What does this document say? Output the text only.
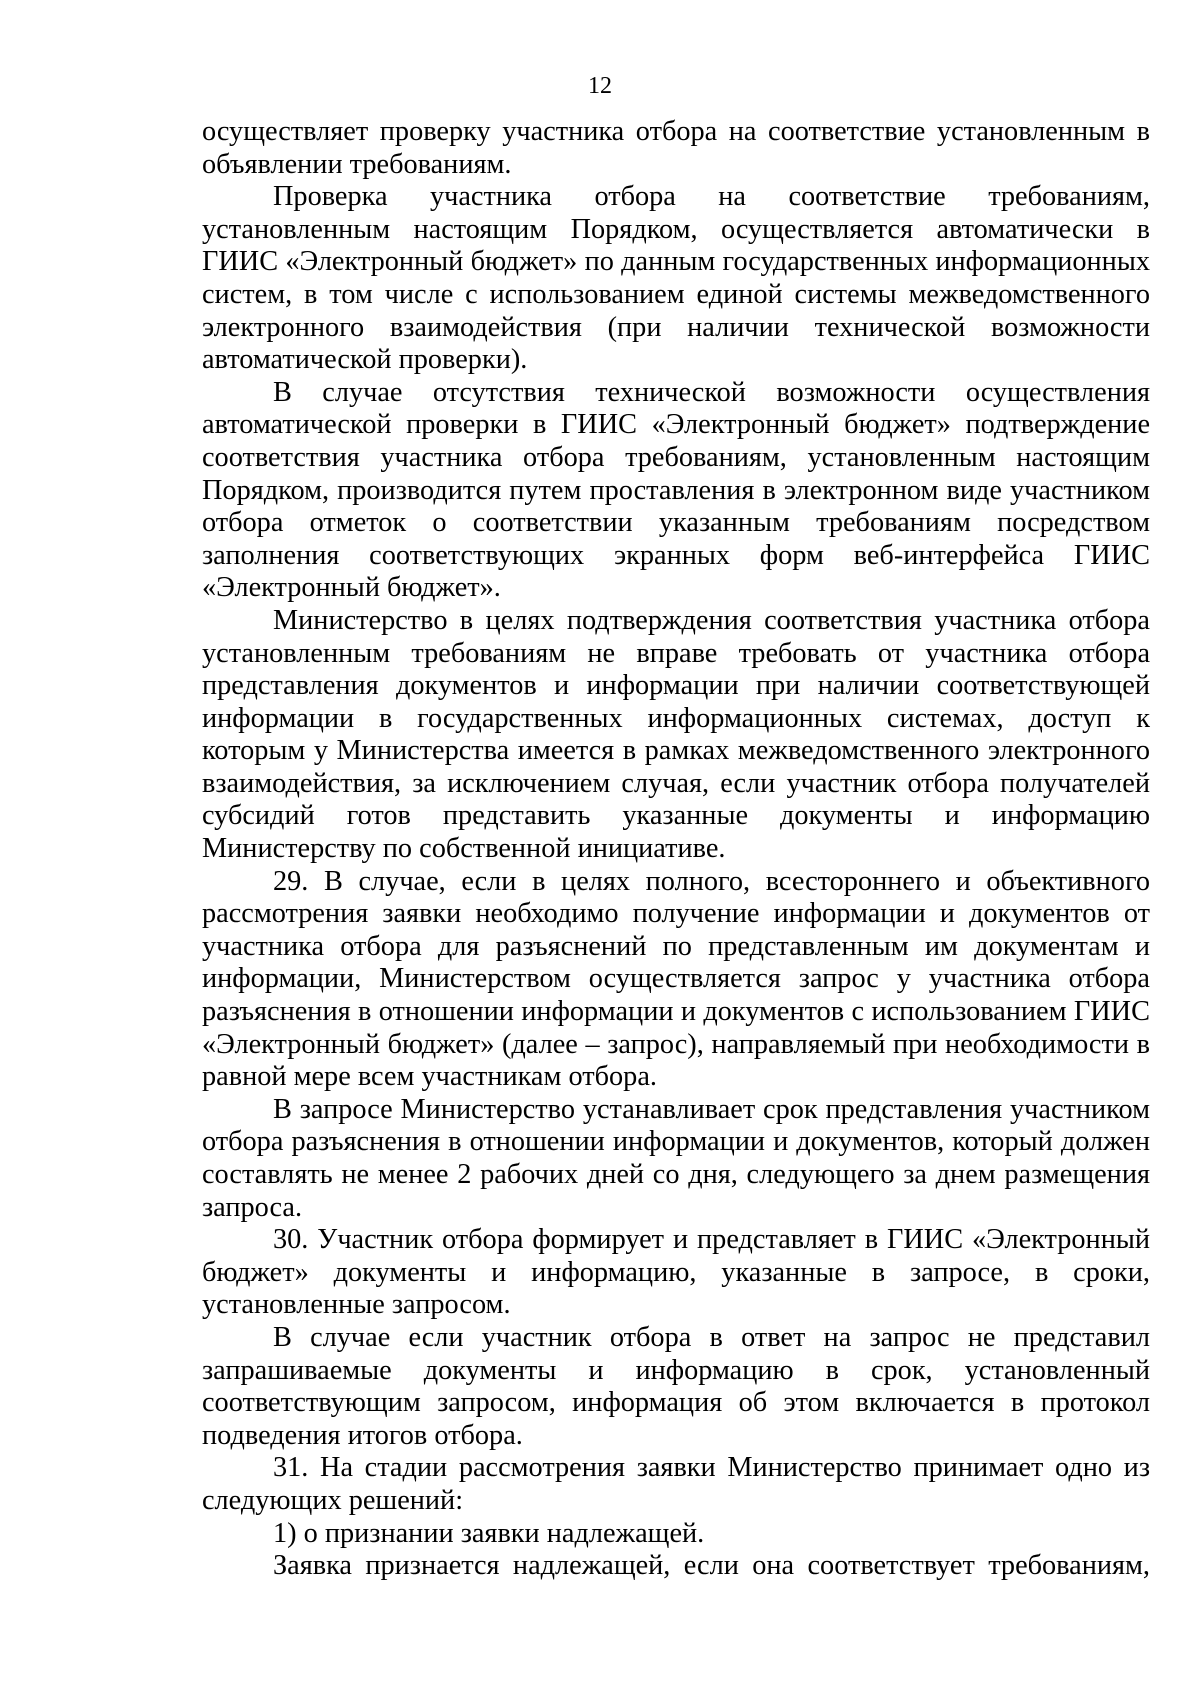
12

осуществляет проверку участника отбора на соответствие установленным в объявлении требованиям.

Проверка участника отбора на соответствие требованиям, установленным настоящим Порядком, осуществляется автоматически в ГИИС «Электронный бюджет» по данным государственных информационных систем, в том числе с использованием единой системы межведомственного электронного взаимодействия (при наличии технической возможности автоматической проверки).

В случае отсутствия технической возможности осуществления автоматической проверки в ГИИС «Электронный бюджет» подтверждение соответствия участника отбора требованиям, установленным настоящим Порядком, производится путем проставления в электронном виде участником отбора отметок о соответствии указанным требованиям посредством заполнения соответствующих экранных форм веб-интерфейса ГИИС «Электронный бюджет».

Министерство в целях подтверждения соответствия участника отбора установленным требованиям не вправе требовать от участника отбора представления документов и информации при наличии соответствующей информации в государственных информационных системах, доступ к которым у Министерства имеется в рамках межведомственного электронного взаимодействия, за исключением случая, если участник отбора получателей субсидий готов представить указанные документы и информацию Министерству по собственной инициативе.

29. В случае, если в целях полного, всестороннего и объективного рассмотрения заявки необходимо получение информации и документов от участника отбора для разъяснений по представленным им документам и информации, Министерством осуществляется запрос у участника отбора разъяснения в отношении информации и документов с использованием ГИИС «Электронный бюджет» (далее – запрос), направляемый при необходимости в равной мере всем участникам отбора.

В запросе Министерство устанавливает срок представления участником отбора разъяснения в отношении информации и документов, который должен составлять не менее 2 рабочих дней со дня, следующего за днем размещения запроса.

30. Участник отбора формирует и представляет в ГИИС «Электронный бюджет» документы и информацию, указанные в запросе, в сроки, установленные запросом.

В случае если участник отбора в ответ на запрос не представил запрашиваемые документы и информацию в срок, установленный соответствующим запросом, информация об этом включается в протокол подведения итогов отбора.

31. На стадии рассмотрения заявки Министерство принимает одно из следующих решений:

1) о признании заявки надлежащей.

Заявка признается надлежащей, если она соответствует требованиям,
